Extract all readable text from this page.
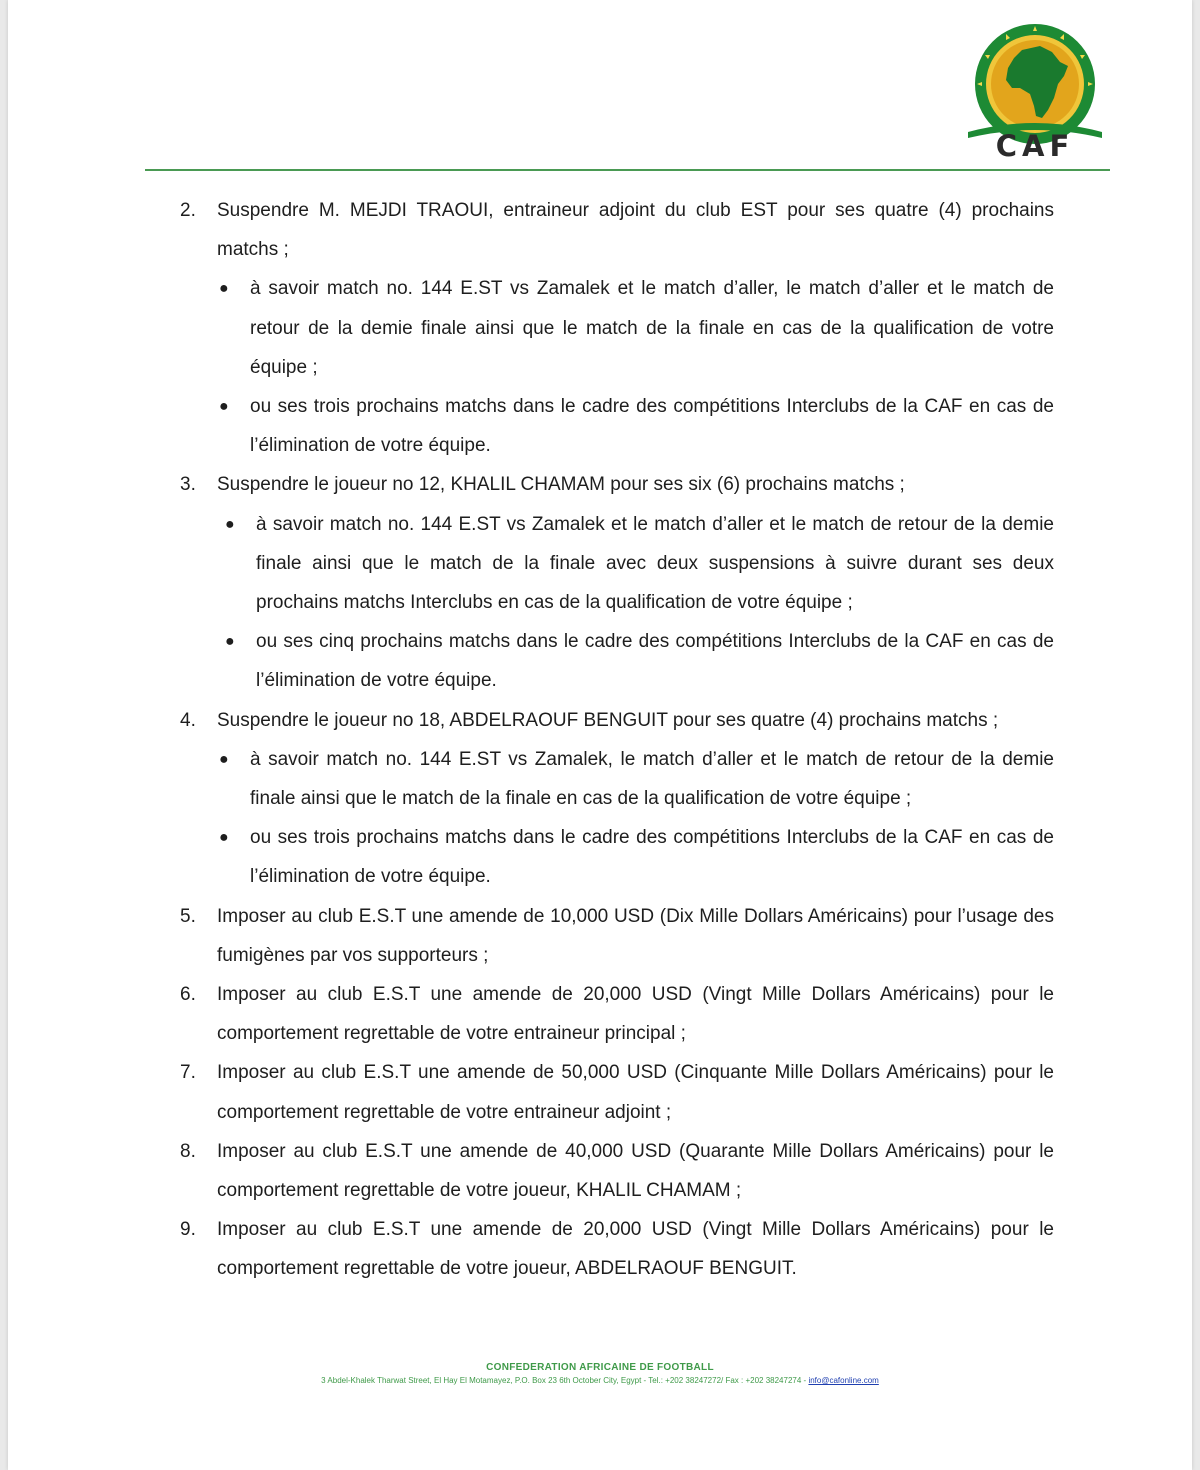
CAF
2. Suspendre M. MEJDI TRAOUI, entraineur adjoint du club EST pour ses quatre (4) prochains matchs ;
● à savoir match no. 144 E.ST vs Zamalek et le match d’aller, le match d’aller et le match de retour de la demie finale ainsi que le match de la finale en cas de la qualification de votre équipe ;
● ou ses trois prochains matchs dans le cadre des compétitions Interclubs de la CAF en cas de l’élimination de votre équipe.
3. Suspendre le joueur no 12, KHALIL CHAMAM pour ses six (6) prochains matchs ;
● à savoir match no. 144 E.ST vs Zamalek et le match d’aller et le match de retour de la demie finale ainsi que le match de la finale avec deux suspensions à suivre durant ses deux prochains matchs Interclubs en cas de la qualification de votre équipe ;
● ou ses cinq prochains matchs dans le cadre des compétitions Interclubs de la CAF en cas de l’élimination de votre équipe.
4. Suspendre le joueur no 18, ABDELRAOUF BENGUIT pour ses quatre (4) prochains matchs ;
● à savoir match no. 144 E.ST vs Zamalek, le match d’aller et le match de retour de la demie finale ainsi que le match de la finale en cas de la qualification de votre équipe ;
● ou ses trois prochains matchs dans le cadre des compétitions Interclubs de la CAF en cas de l’élimination de votre équipe.
5. Imposer au club E.S.T une amende de 10,000 USD (Dix Mille Dollars Américains) pour l’usage des fumigènes par vos supporteurs ;
6. Imposer au club E.S.T une amende de 20,000 USD (Vingt Mille Dollars Américains) pour le comportement regrettable de votre entraineur principal ;
7. Imposer au club E.S.T une amende de 50,000 USD (Cinquante Mille Dollars Américains) pour le comportement regrettable de votre entraineur adjoint ;
8. Imposer au club E.S.T une amende de 40,000 USD (Quarante Mille Dollars Américains) pour le comportement regrettable de votre joueur, KHALIL CHAMAM ;
9. Imposer au club E.S.T une amende de 20,000 USD (Vingt Mille Dollars Américains) pour le comportement regrettable de votre joueur, ABDELRAOUF BENGUIT.
CONFEDERATION AFRICAINE DE FOOTBALL
3 Abdel-Khalek Tharwat Street, El Hay El Motamayez, P.O. Box 23 6th October City, Egypt - Tel.: +202 38247272/ Fax : +202 38247274 - info@cafonline.com
